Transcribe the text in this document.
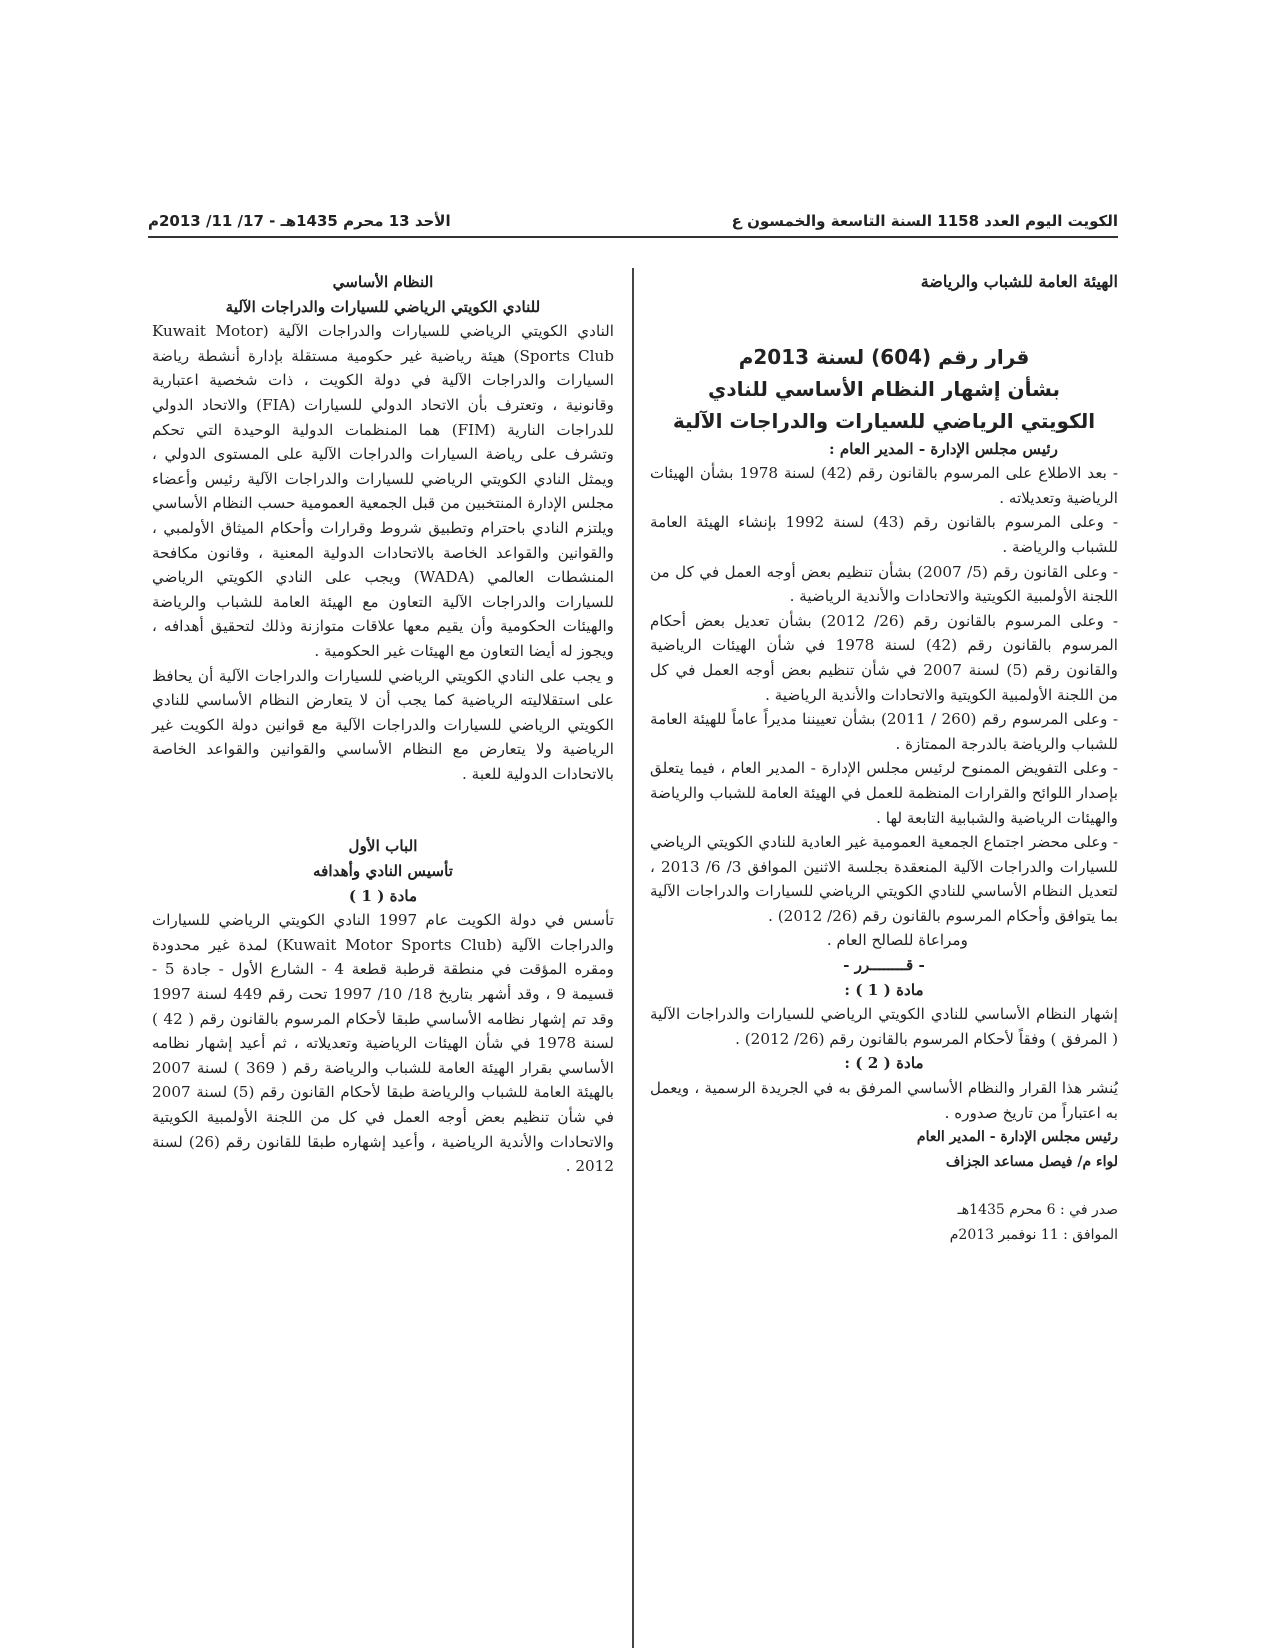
الكويت اليوم العدد 1158 السنة التاسعة والخمسون ع
الأحد 13 محرم 1435هـ - 17/ 11/ 2013م

الهيئة العامة للشباب والرياضة

قرار رقم (604) لسنة 2013م

بشأن إشهار النظام الأساسي للنادي

الكويتي الرياضي للسيارات والدراجات الآلية

رئيس مجلس الإدارة - المدير العام :

- بعد الاطلاع على المرسوم بالقانون رقم (42) لسنة 1978 بشأن الهيئات الرياضية وتعديلاته .

- وعلى المرسوم بالقانون رقم (43) لسنة 1992 بإنشاء الهيئة العامة للشباب والرياضة .

- وعلى القانون رقم (5/ 2007) بشأن تنظيم بعض أوجه العمل في كل من اللجنة الأولمبية الكويتية والاتحادات والأندية الرياضية .

- وعلى المرسوم بالقانون رقم (26/ 2012) بشأن تعديل بعض أحكام المرسوم بالقانون رقم (42) لسنة 1978 في شأن الهيئات الرياضية والقانون رقم (5) لسنة 2007 في شأن تنظيم بعض أوجه العمل في كل من اللجنة الأولمبية الكويتية والاتحادات والأندية الرياضية .

- وعلى المرسوم رقم (260 / 2011) بشأن تعييننا مديراً عاماً للهيئة العامة للشباب والرياضة بالدرجة الممتازة .

- وعلى التفويض الممنوح لرئيس مجلس الإدارة - المدير العام ، فيما يتعلق بإصدار اللوائح والقرارات المنظمة للعمل في الهيئة العامة للشباب والرياضة والهيئات الرياضية والشبابية التابعة لها .

- وعلى محضر اجتماع الجمعية العمومية غير العادية للنادي الكويتي الرياضي للسيارات والدراجات الآلية المنعقدة بجلسة الاثنين الموافق 3/ 6/ 2013 ، لتعديل النظام الأساسي للنادي الكويتي الرياضي للسيارات والدراجات الآلية بما يتوافق وأحكام المرسوم بالقانون رقم (26/ 2012) .

ومراعاة للصالح العام .

- قــــــــرر -

مادة ( 1 ) :

إشهار النظام الأساسي للنادي الكويتي الرياضي للسيارات والدراجات الآلية ( المرفق ) وفقاً لأحكام المرسوم بالقانون رقم (26/ 2012) .

مادة ( 2 ) :

يُنشر هذا القرار والنظام الأساسي المرفق به في الجريدة الرسمية ، ويعمل به اعتباراً من تاريخ صدوره .

رئيس مجلس الإدارة - المدير العام

لواء م/ فيصل مساعد الجزاف

صدر في : 6 محرم 1435هـ

الموافق : 11 نوفمبر 2013م

النظام الأساسي

للنادي الكويتي الرياضي للسيارات والدراجات الآلية

النادي الكويتي الرياضي للسيارات والدراجات الآلية (Kuwait Motor Sports Club) هيئة رياضية غير حكومية مستقلة بإدارة أنشطة رياضة السيارات والدراجات الآلية في دولة الكويت ، ذات شخصية اعتبارية وقانونية ، وتعترف بأن الاتحاد الدولي للسيارات (FIA) والاتحاد الدولي للدراجات النارية (FIM) هما المنظمات الدولية الوحيدة التي تحكم وتشرف على رياضة السيارات والدراجات الآلية على المستوى الدولي ، ويمثل النادي الكويتي الرياضي للسيارات والدراجات الآلية رئيس وأعضاء مجلس الإدارة المنتخبين من قبل الجمعية العمومية حسب النظام الأساسي ويلتزم النادي باحترام وتطبيق شروط وقرارات وأحكام الميثاق الأولمبي ، والقوانين والقواعد الخاصة بالاتحادات الدولية المعنية ، وقانون مكافحة المنشطات العالمي (WADA) ويجب على النادي الكويتي الرياضي للسيارات والدراجات الآلية التعاون مع الهيئة العامة للشباب والرياضة والهيئات الحكومية وأن يقيم معها علاقات متوازنة وذلك لتحقيق أهدافه ، ويجوز له أيضا التعاون مع الهيئات غير الحكومية .

و يجب على النادي الكويتي الرياضي للسيارات والدراجات الآلية أن يحافظ على استقلاليته الرياضية كما يجب أن لا يتعارض النظام الأساسي للنادي الكويتي الرياضي للسيارات والدراجات الآلية مع قوانين دولة الكويت غير الرياضية ولا يتعارض مع النظام الأساسي والقوانين والقواعد الخاصة بالاتحادات الدولية للعبة .

الباب الأول

تأسيس النادي وأهدافه

مادة ( 1 )

تأسس في دولة الكويت عام 1997 النادي الكويتي الرياضي للسيارات والدراجات الآلية (Kuwait Motor Sports Club) لمدة غير محدودة ومقره المؤقت في منطقة قرطبة قطعة 4 - الشارع الأول - جادة 5 - قسيمة 9 ، وقد أشهر بتاريخ 18/ 10/ 1997 تحت رقم 449 لسنة 1997 وقد تم إشهار نظامه الأساسي طبقا لأحكام المرسوم بالقانون رقم ( 42 ) لسنة 1978 في شأن الهيئات الرياضية وتعديلاته ، ثم أعيد إشهار نظامه الأساسي بقرار الهيئة العامة للشباب والرياضة رقم ( 369 ) لسنة 2007 بالهيئة العامة للشباب والرياضة طبقا لأحكام القانون رقم (5) لسنة 2007 في شأن تنظيم بعض أوجه العمل في كل من اللجنة الأولمبية الكويتية والاتحادات والأندية الرياضية ، وأعيد إشهاره طبقا للقانون رقم (26) لسنة 2012 .
